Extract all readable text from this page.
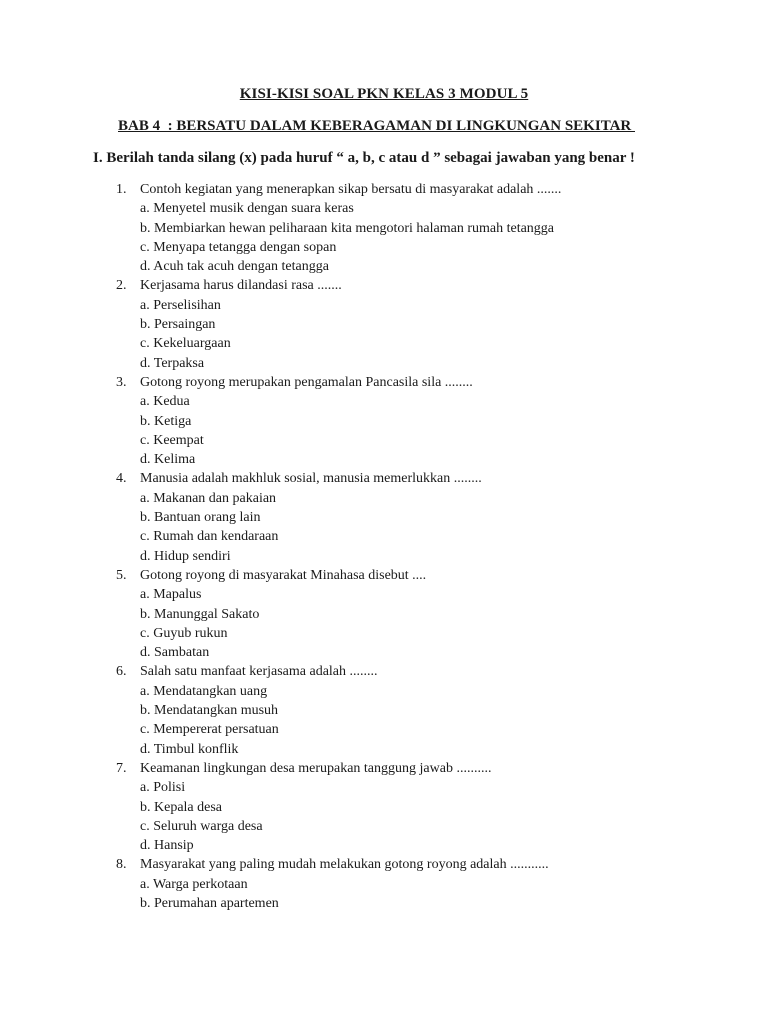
KISI-KISI SOAL PKN KELAS 3 MODUL 5
BAB 4  : BERSATU DALAM KEBERAGAMAN DI LINGKUNGAN SEKITAR
I. Berilah tanda silang (x) pada huruf “ a, b, c atau d ” sebagai jawaban yang benar !
1. Contoh kegiatan yang menerapkan sikap bersatu di masyarakat adalah .......
a. Menyetel musik dengan suara keras
b. Membiarkan hewan peliharaan kita mengotori halaman rumah tetangga
c. Menyapa tetangga dengan sopan
d. Acuh tak acuh dengan tetangga
2. Kerjasama harus dilandasi rasa .......
a. Perselisihan
b. Persaingan
c. Kekeluargaan
d. Terpaksa
3. Gotong royong merupakan pengamalan Pancasila sila ........
a. Kedua
b. Ketiga
c. Keempat
d. Kelima
4. Manusia adalah makhluk sosial, manusia memerlukkan ........
a. Makanan dan pakaian
b. Bantuan orang lain
c. Rumah dan kendaraan
d. Hidup sendiri
5. Gotong royong di masyarakat Minahasa disebut ....
a. Mapalus
b. Manunggal Sakato
c. Guyub rukun
d. Sambatan
6. Salah satu manfaat kerjasama adalah ........
a. Mendatangkan uang
b. Mendatangkan musuh
c. Mempererat persatuan
d. Timbul konflik
7. Keamanan lingkungan desa merupakan tanggung jawab ..........
a. Polisi
b. Kepala desa
c. Seluruh warga desa
d. Hansip
8. Masyarakat yang paling mudah melakukan gotong royong adalah ...........
a. Warga perkotaan
b. Perumahan apartemen
